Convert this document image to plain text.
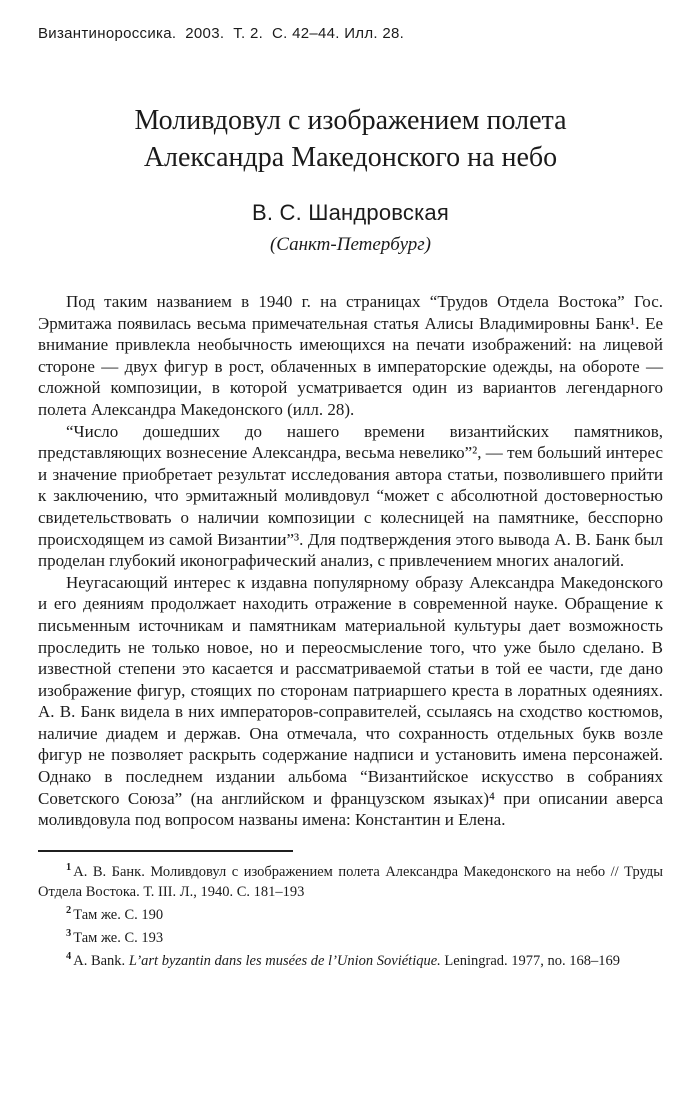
Византинороссика.  2003.  Т. 2.  С. 42–44. Илл. 28.
Моливдовул с изображением полета
Александра Македонского на небо
В. С. Шандровская
(Санкт-Петербург)

Под таким названием в 1940 г. на страницах “Трудов Отдела Востока” Гос. Эрмитажа появилась весьма примечательная статья Алисы Владимировны Банк¹. Ее внимание привлекла необычность имеющихся на печати изображений: на лицевой стороне — двух фигур в рост, облаченных в императорские одежды, на обороте — сложной композиции, в которой усматривается один из вариантов легендарного полета Александра Македонского (илл. 28).

“Число дошедших до нашего времени византийских памятников, представляющих вознесение Александра, весьма невелико”², — тем больший интерес и значение приобретает результат исследования автора статьи, позволившего прийти к заключению, что эрмитажный моливдовул “может с абсолютной достоверностью свидетельствовать о наличии композиции с колесницей на памятнике, бесспорно происходящем из самой Византии”³. Для подтверждения этого вывода А. В. Банк был проделан глубокий иконографический анализ, с привлечением многих аналогий.

Неугасающий интерес к издавна популярному образу Александра Македонского и его деяниям продолжает находить отражение в современной науке. Обращение к письменным источникам и памятникам материальной культуры дает возможность проследить не только новое, но и переосмысление того, что уже было сделано. В известной степени это касается и рассматриваемой статьи в той ее части, где дано изображение фигур, стоящих по сторонам патриаршего креста в лоратных одеяниях. А. В. Банк видела в них императоров-соправителей, ссылаясь на сходство костюмов, наличие диадем и держав. Она отмечала, что сохранность отдельных букв возле фигур не позволяет раскрыть содержание надписи и установить имена персонажей. Однако в последнем издании альбома “Византийское искусство в собраниях Советского Союза” (на английском и французском языках)⁴ при описании аверса моливдовула под вопросом названы имена: Константин и Елена.

$^1$ А. В. Банк. Моливдовул с изображением полета Александра Македонского на небо // Труды Отдела Востока. Т. III. Л., 1940. С. 181–193

$^2$ Там же. С. 190

$^3$ Там же. С. 193

$^4$ A. Bank. L’art byzantin dans les musées de l’Union Soviétique. Leningrad. 1977, no. 168–169
